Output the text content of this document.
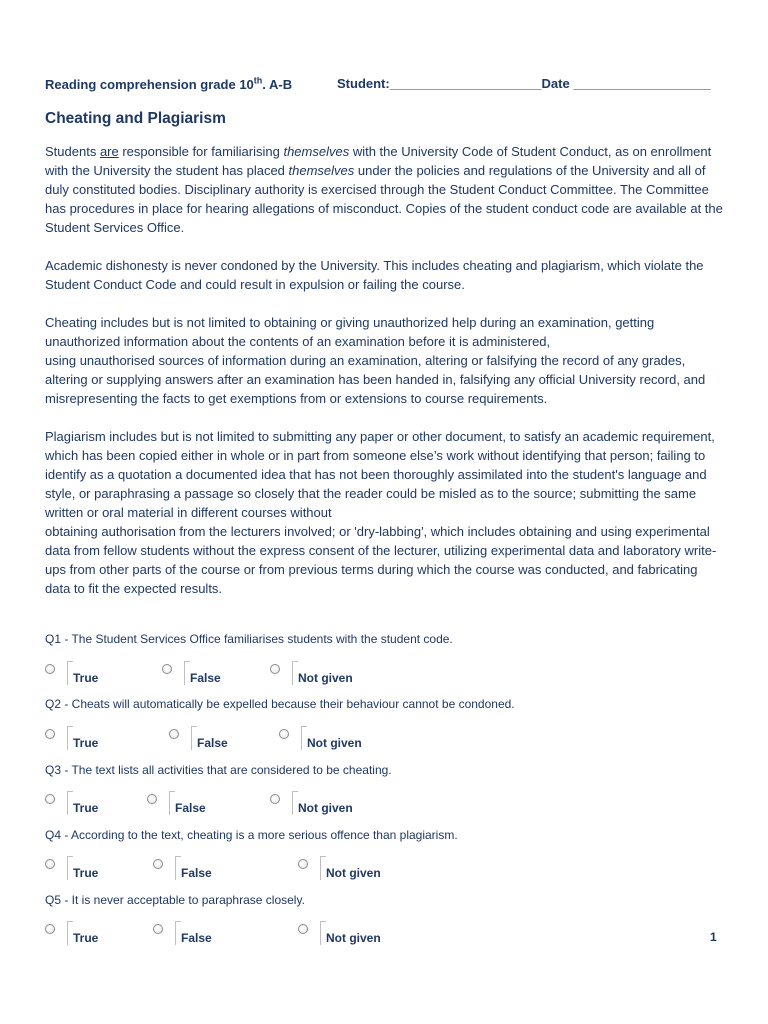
Reading comprehension grade 10th. A-B	Student:_____________________Date ___________________
Cheating and Plagiarism

Students are responsible for familiarising themselves with the University Code of Student Conduct, as on enrollment with the University the student has placed themselves under the policies and regulations of the University and all of duly constituted bodies. Disciplinary authority is exercised through the Student Conduct Committee. The Committee has procedures in place for hearing allegations of misconduct. Copies of the student conduct code are available at the Student Services Office.

Academic dishonesty is never condoned by the University. This includes cheating and plagiarism, which violate the Student Conduct Code and could result in expulsion or failing the course.

Cheating includes but is not limited to obtaining or giving unauthorized help during an examination, getting unauthorized information about the contents of an examination before it is administered,
using unauthorised sources of information during an examination, altering or falsifying the record of any grades, altering or supplying answers after an examination has been handed in, falsifying any official University record, and misrepresenting the facts to get exemptions from or extensions to course requirements.

Plagiarism includes but is not limited to submitting any paper or other document, to satisfy an academic requirement, which has been copied either in whole or in part from someone else’s work without identifying that person; failing to identify as a quotation a documented idea that has not been thoroughly assimilated into the student's language and style, or paraphrasing a passage so closely that the reader could be misled as to the source; submitting the same written or oral material in different courses without
obtaining authorisation from the lecturers involved; or 'dry-labbing', which includes obtaining and using experimental data from fellow students without the express consent of the lecturer, utilizing experimental data and laboratory write-ups from other parts of the course or from previous terms during which the course was conducted, and fabricating data to fit the expected results.

Q1 - The Student Services Office familiarises students with the student code.
True	False	Not given
Q2 - Cheats will automatically be expelled because their behaviour cannot be condoned.
True	False	Not given
Q3 - The text lists all activities that are considered to be cheating.
True	False	Not given
Q4 - According to the text, cheating is a more serious offence than plagiarism.
True	False	Not given
Q5 - It is never acceptable to paraphrase closely.
True	False	Not given	1
